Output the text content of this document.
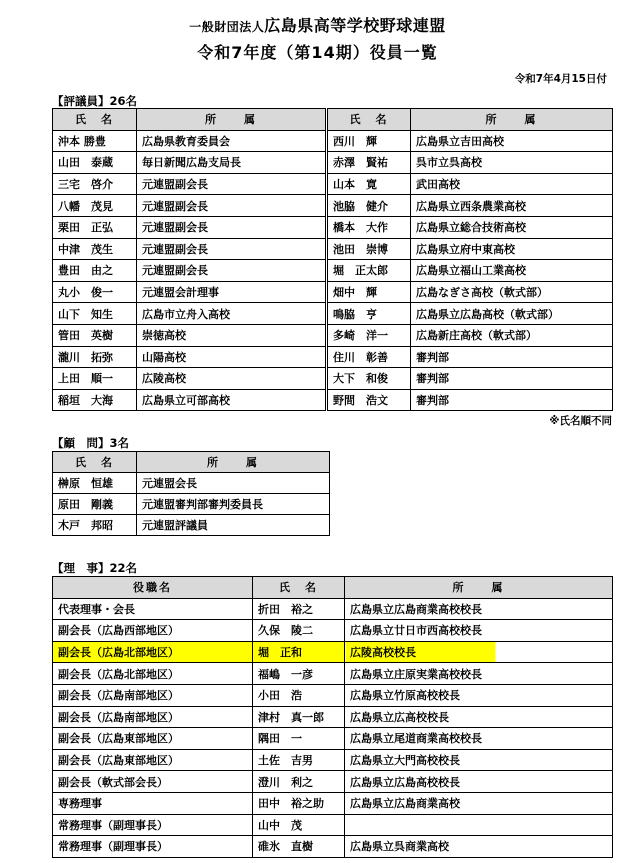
一般財団法人広島県高等学校野球連盟
令和7年度（第14期）役員一覧
令和7年4月15日付
【評議員】26名
氏　名	所　　属	氏　名	所　　属
沖本 勝豊	広島県教育委員会	西川　輝	広島県立吉田高校
山田　泰蔵	毎日新聞広島支局長	赤澤　賢祐	呉市立呉高校
三宅　啓介	元連盟副会長	山本　寛	武田高校
八幡　茂見	元連盟副会長	池脇　健介	広島県立西条農業高校
栗田　正弘	元連盟副会長	橋本　大作	広島県立総合技術高校
中津　茂生	元連盟副会長	池田　崇博	広島県立府中東高校
豊田　由之	元連盟副会長	堀　正太郎	広島県立福山工業高校
丸小　俊一	元連盟会計理事	畑中　輝	広島なぎさ高校（軟式部）
山下　知生	広島市立舟入高校	鳴脇　亨	広島県立広島高校（軟式部）
管田　英樹	崇徳高校	多崎　洋一	広島新庄高校（軟式部）
瀧川　拓弥	山陽高校	住川　彰善	審判部
上田　順一	広陵高校	大下　和俊	審判部
稲垣　大海	広島県立可部高校	野間　浩文	審判部
※氏名順不同
【顧　問】3名
氏　名	所　　属
榊原　恒雄	元連盟会長
原田　剛義	元連盟審判部審判委員長
木戸　邦昭	元連盟評議員
【理　事】22名
役職名	氏　名	所　　属
代表理事・会長	折田　裕之	広島県立広島商業高校校長
副会長（広島西部地区）	久保　陵二	広島県立廿日市西高校校長
副会長（広島北部地区）	堀　正和	広陵高校校長
副会長（広島北部地区）	福嶋　一彦	広島県立庄原実業高校校長
副会長（広島南部地区）	小田　浩	広島県立竹原高校校長
副会長（広島南部地区）	津村　真一郎	広島県立広高校校長
副会長（広島東部地区）	隅田　一	広島県立尾道商業高校校長
副会長（広島東部地区）	土佐　吉男	広島県立大門高校校長
副会長（軟式部会長）	澄川　利之	広島県立広島高校校長
専務理事	田中　裕之助	広島県立広島商業高校
常務理事（副理事長）	山中　茂	
常務理事（副理事長）	碓氷　直樹	広島県立呉商業高校
